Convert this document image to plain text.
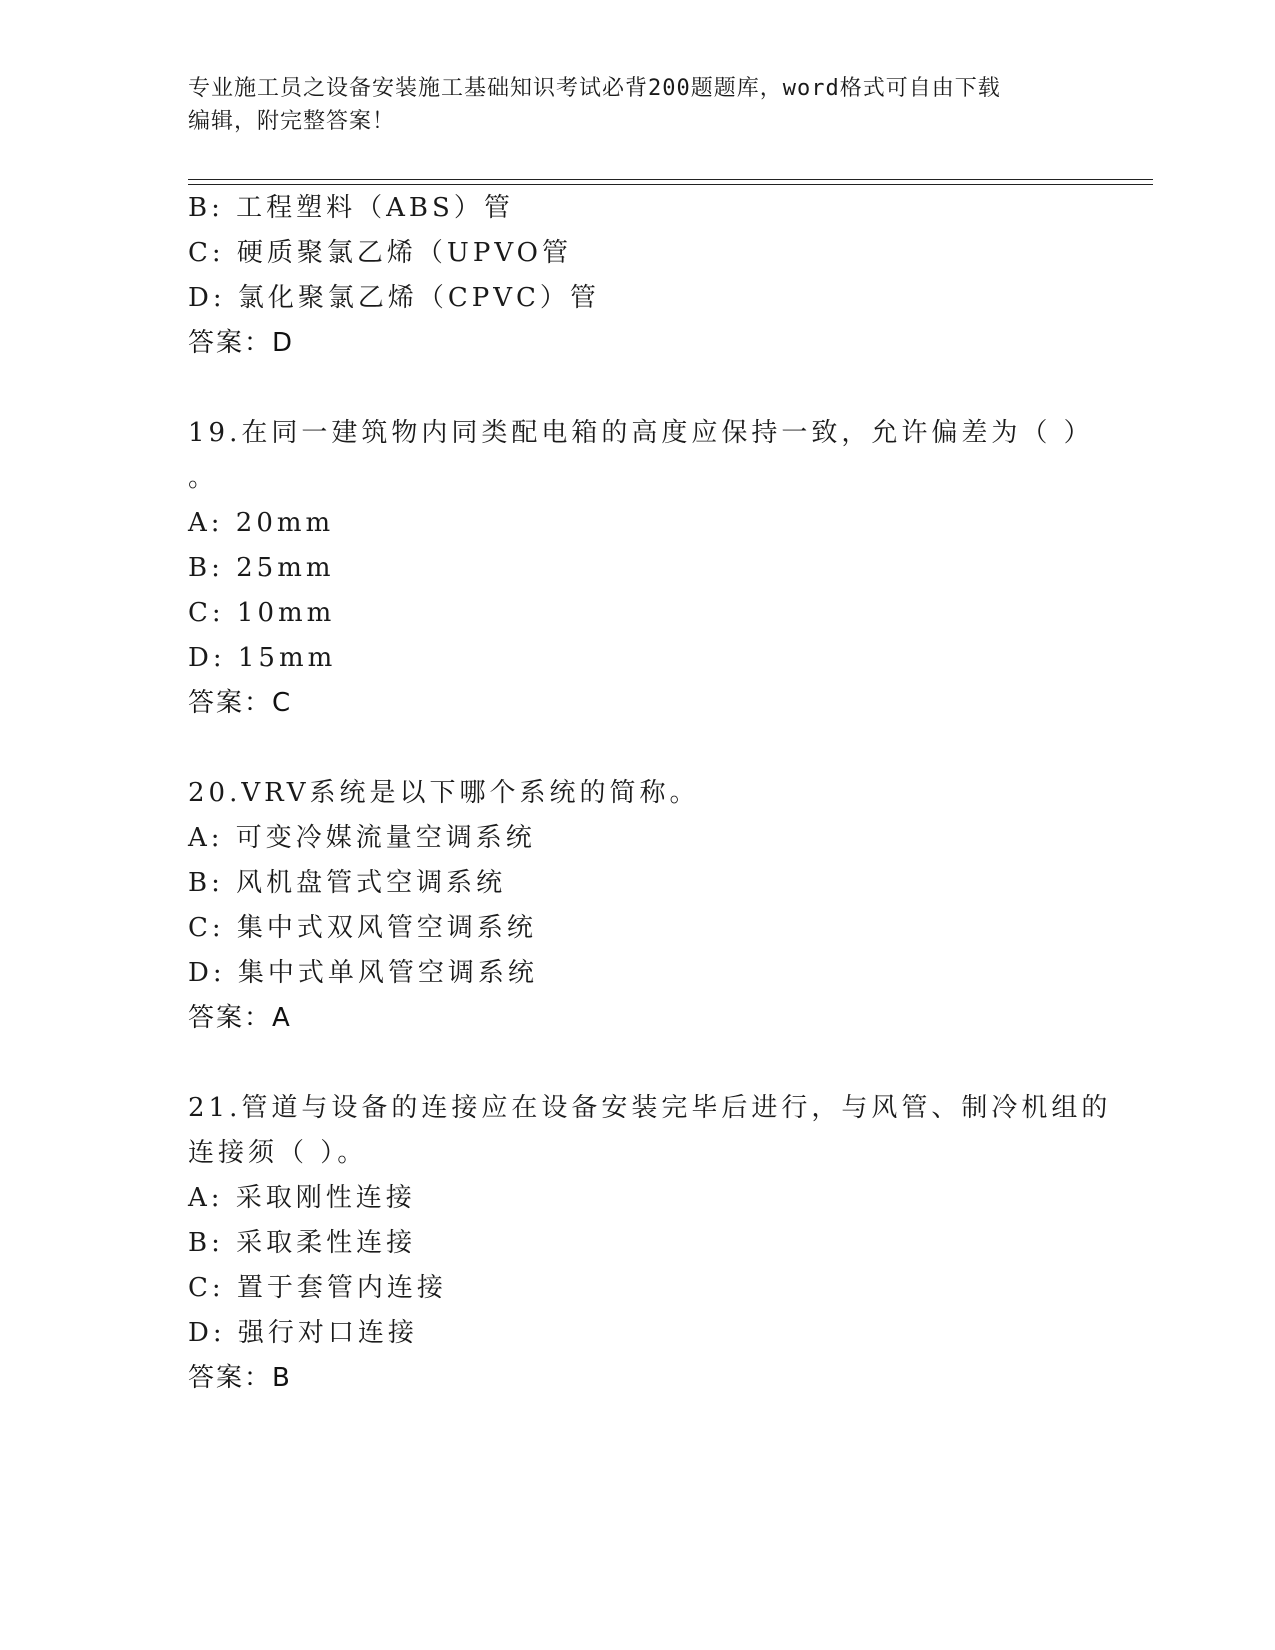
专业施工员之设备安装施工基础知识考试必背200题题库，word格式可自由下载
编辑，附完整答案！
B: 工程塑料（ABS）管
C: 硬质聚氯乙烯（UPVO管
D: 氯化聚氯乙烯（CPVC）管
答案：D
19.在同一建筑物内同类配电箱的高度应保持一致，允许偏差为（ ）
。
A: 20mm
B: 25mm
C: 10mm
D: 15mm
答案：C
20.VRV系统是以下哪个系统的简称。
A: 可变冷媒流量空调系统
B: 风机盘管式空调系统
C: 集中式双风管空调系统
D: 集中式单风管空调系统
答案：A
21.管道与设备的连接应在设备安装完毕后进行，与风管、制冷机组的
连接须（ ）。
A: 采取刚性连接
B: 采取柔性连接
C: 置于套管内连接
D: 强行对口连接
答案：B
